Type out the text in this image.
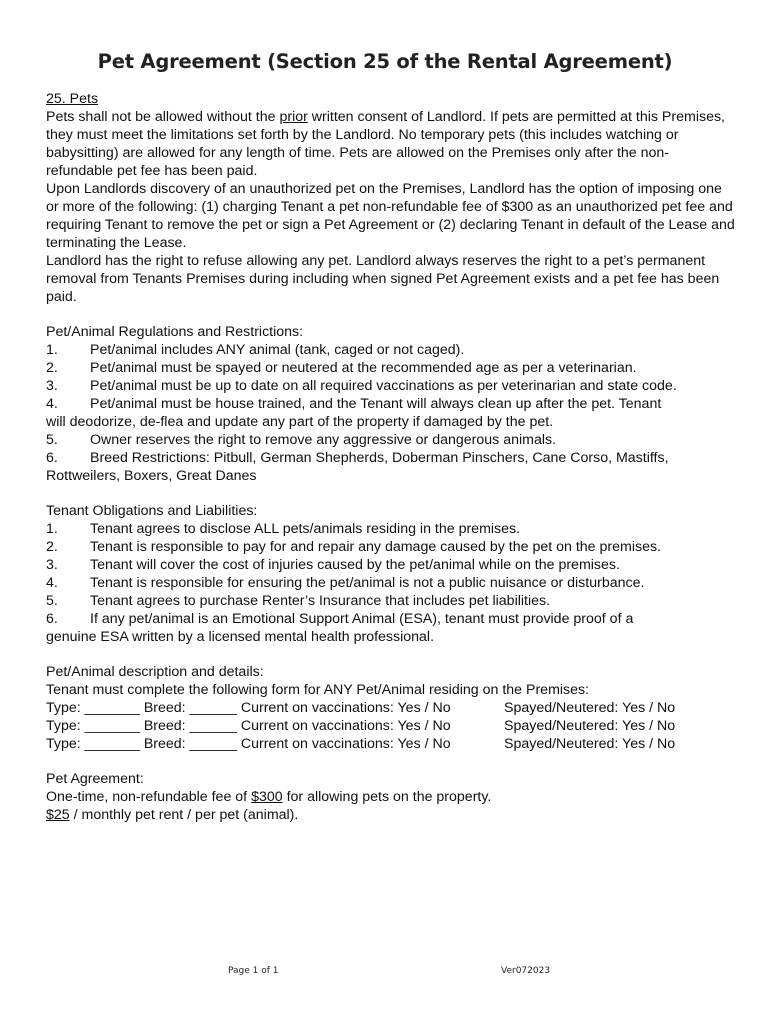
Pet Agreement (Section 25 of the Rental Agreement)

25. Pets

Pets shall not be allowed without the prior written consent of Landlord. If pets are permitted at this Premises, they must meet the limitations set forth by the Landlord. No temporary pets (this includes watching or babysitting) are allowed for any length of time. Pets are allowed on the Premises only after the non-refundable pet fee has been paid.

Upon Landlords discovery of an unauthorized pet on the Premises, Landlord has the option of imposing one or more of the following: (1) charging Tenant a pet non-refundable fee of $300 as an unauthorized pet fee and requiring Tenant to remove the pet or sign a Pet Agreement or (2) declaring Tenant in default of the Lease and terminating the Lease.

Landlord has the right to refuse allowing any pet. Landlord always reserves the right to a pet’s permanent removal from Tenants Premises during including when signed Pet Agreement exists and a pet fee has been paid.

Pet/Animal Regulations and Restrictions:

1.	Pet/animal includes ANY animal (tank, caged or not caged).
2.	Pet/animal must be spayed or neutered at the recommended age as per a veterinarian.
3.	Pet/animal must be up to date on all required vaccinations as per veterinarian and state code.
4.	Pet/animal must be house trained, and the Tenant will always clean up after the pet. Tenant
will deodorize, de-flea and update any part of the property if damaged by the pet.
5.	Owner reserves the right to remove any aggressive or dangerous animals.
6.	Breed Restrictions: Pitbull, German Shepherds, Doberman Pinschers, Cane Corso, Mastiffs,
Rottweilers, Boxers, Great Danes

Tenant Obligations and Liabilities:

1.	Tenant agrees to disclose ALL pets/animals residing in the premises.
2.	Tenant is responsible to pay for and repair any damage caused by the pet on the premises.
3.	Tenant will cover the cost of injuries caused by the pet/animal while on the premises.
4.	Tenant is responsible for ensuring the pet/animal is not a public nuisance or disturbance.
5.	Tenant agrees to purchase Renter’s Insurance that includes pet liabilities.
6.	If any pet/animal is an Emotional Support Animal (ESA), tenant must provide proof of a
genuine ESA written by a licensed mental health professional.

Pet/Animal description and details:

Tenant must complete the following form for ANY Pet/Animal residing on the Premises:

Type: _______ Breed: ______ Current on vaccinations: Yes / No	Spayed/Neutered: Yes / No
Type: _______ Breed: ______ Current on vaccinations: Yes / No	Spayed/Neutered: Yes / No
Type: _______ Breed: ______ Current on vaccinations: Yes / No	Spayed/Neutered: Yes / No

Pet Agreement:

One-time, non-refundable fee of $300 for allowing pets on the property.

$25 / monthly pet rent / per pet (animal).

Page 1 of 1	Ver072023
